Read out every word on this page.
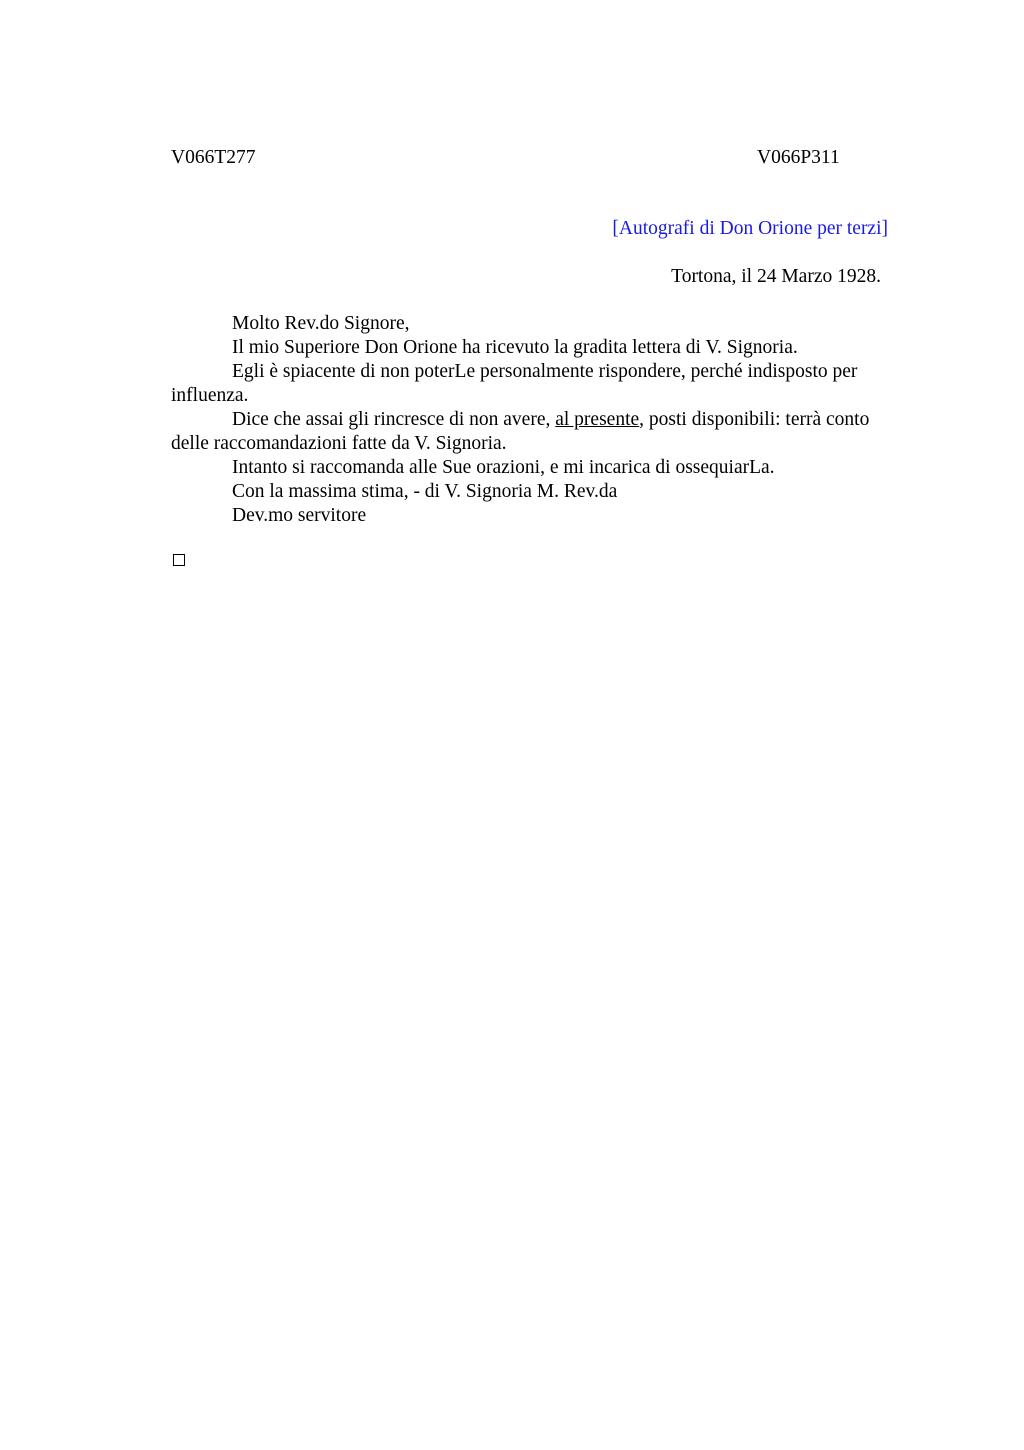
V066T277	V066P311
[Autografi di Don Orione per terzi]
Tortona, il 24 Marzo 1928.

Molto Rev.do Signore,

Il mio Superiore Don Orione ha ricevuto la gradita lettera di V. Signoria.

Egli è spiacente di non poterLe personalmente rispondere, perché indisposto per influenza.

Dice che assai gli rincresce di non avere, al presente, posti disponibili: terrà conto delle raccomandazioni fatte da V. Signoria.

Intanto si raccomanda alle Sue orazioni, e mi incarica di ossequiarLa.

Con la massima stima, - di V. Signoria M. Rev.da

Dev.mo servitore
